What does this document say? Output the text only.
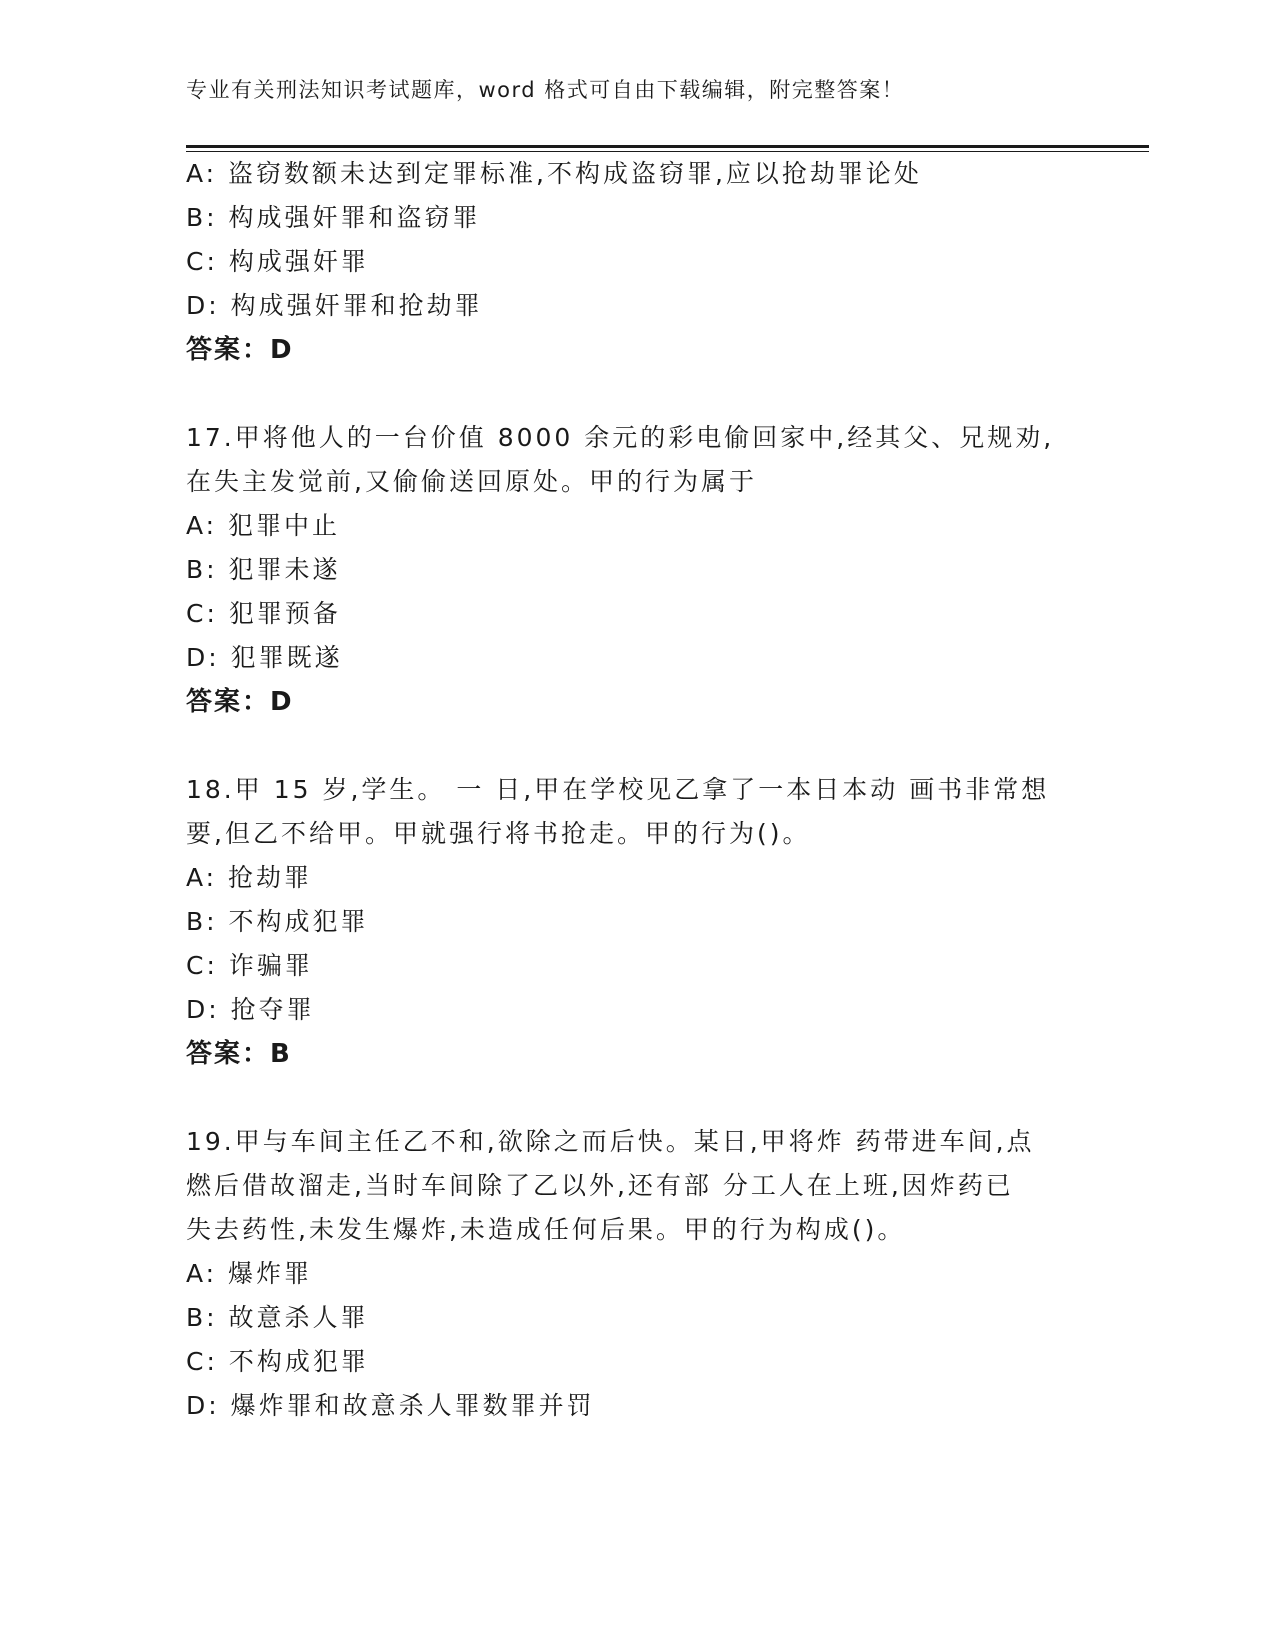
专业有关刑法知识考试题库，word 格式可自由下载编辑，附完整答案！
A: 盗窃数额未达到定罪标准,不构成盗窃罪,应以抢劫罪论处
B: 构成强奸罪和盗窃罪
C: 构成强奸罪
D: 构成强奸罪和抢劫罪
答案：D
17.甲将他人的一台价值 8000 余元的彩电偷回家中,经其父、兄规劝,
在失主发觉前,又偷偷送回原处。甲的行为属于
A: 犯罪中止
B: 犯罪未遂
C: 犯罪预备
D: 犯罪既遂
答案：D
18.甲 15 岁,学生。 一 日,甲在学校见乙拿了一本日本动 画书非常想
要,但乙不给甲。甲就强行将书抢走。甲的行为()。
A: 抢劫罪
B: 不构成犯罪
C: 诈骗罪
D: 抢夺罪
答案：B
19.甲与车间主任乙不和,欲除之而后快。某日,甲将炸 药带进车间,点
燃后借故溜走,当时车间除了乙以外,还有部 分工人在上班,因炸药已
失去药性,未发生爆炸,未造成任何后果。甲的行为构成()。
A: 爆炸罪
B: 故意杀人罪
C: 不构成犯罪
D: 爆炸罪和故意杀人罪数罪并罚
